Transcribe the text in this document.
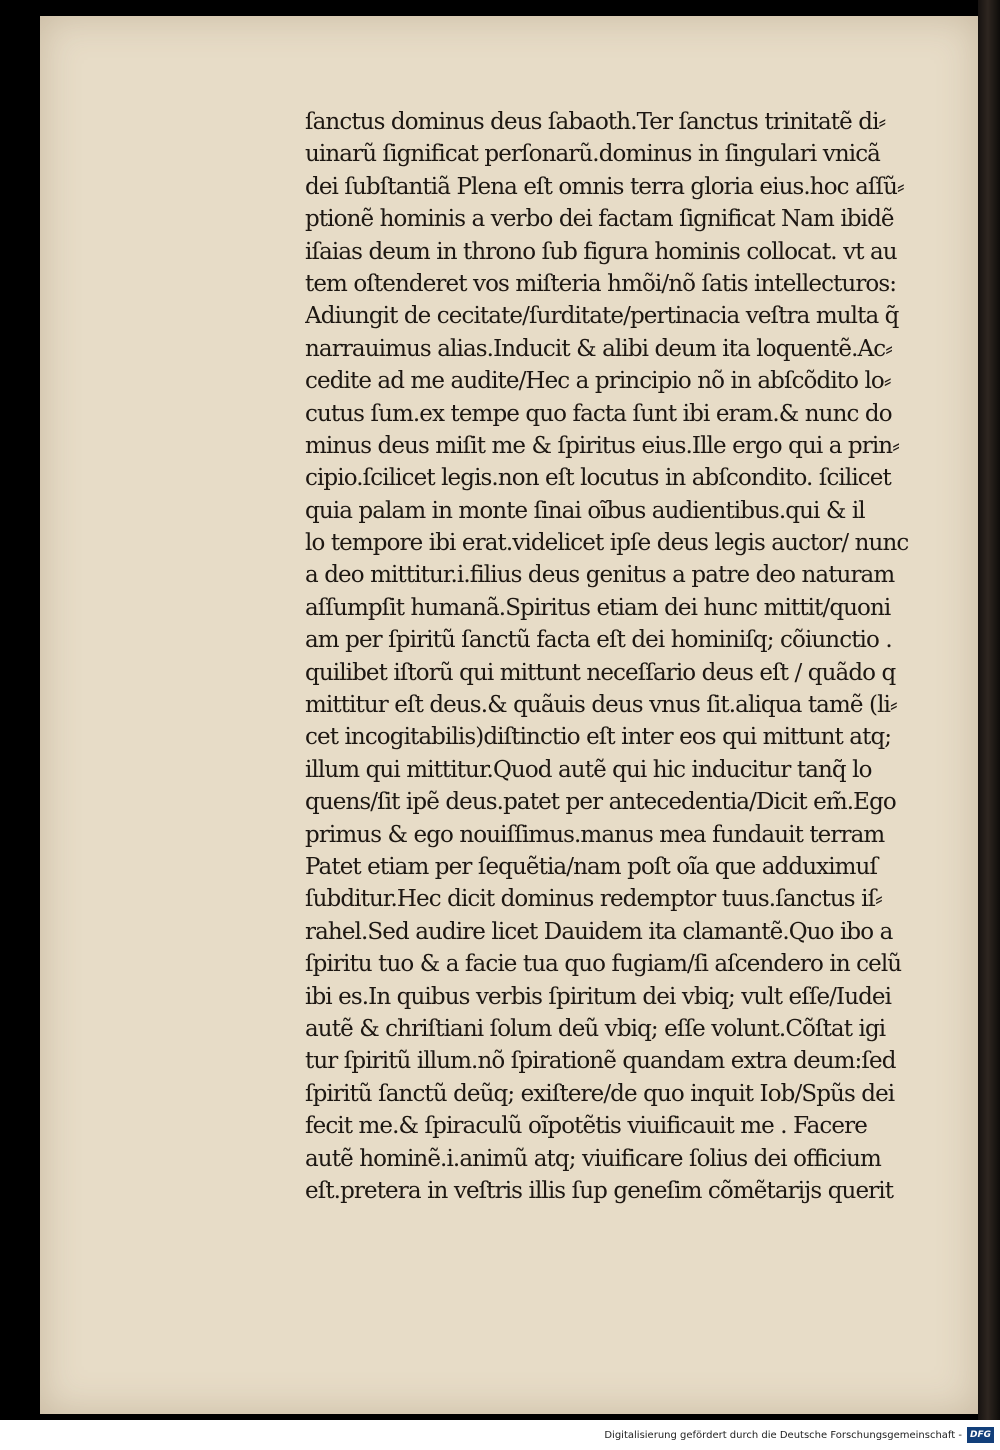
ſanctus dominus deus ſabaoth.Ter ſanctus trinitatẽ di⸗
uinarũ ſignificat perſonarũ.dominus in ſingulari vnicã
dei ſubſtantiã Plena eſt omnis terra gloria eius.hoc aſſũ⸗
ptionẽ hominis a verbo dei factam ſignificat Nam ibidẽ
iſaias deum in throno ſub figura hominis collocat. vt au
tem oſtenderet vos miſteria hmõi/nõ ſatis intellecturos:
Adiungit de cecitate/ſurditate/pertinacia veſtra multa q̃
narrauimus alias.Inducit & alibi deum ita loquentẽ.Ac⸗
cedite ad me audite/Hec a principio nõ in abſcõdito lo⸗
cutus ſum.ex tempe quo facta ſunt ibi eram.& nunc do
minus deus miſit me & ſpiritus eius.Ille ergo qui a prin⸗
cipio.ſcilicet legis.non eſt locutus in abſcondito. ſcilicet
quia palam in monte ſinai oĩbus audientibus.qui & il
lo tempore ibi erat.videlicet ipſe deus legis auctor/ nunc
a deo mittitur.i.filius deus genitus a patre deo naturam
aſſumpſit humanã.Spiritus etiam dei hunc mittit/quoni
am per ſpiritũ ſanctũ facta eſt dei hominiſq; cõiunctio .
quilibet iſtorũ qui mittunt neceſſario deus eſt / quãdo q
mittitur eſt deus.& quãuis deus vnus ſit.aliqua tamẽ (li⸗
cet incogitabilis)diſtinctio eſt inter eos qui mittunt atq;
illum qui mittitur.Quod autẽ qui hic inducitur tanq̃ lo
quens/ſit ipẽ deus.patet per antecedentia/Dicit em̃.Ego
primus & ego nouiſſimus.manus mea fundauit terram
Patet etiam per ſequẽtia/nam poſt oĩa que adduximuſ
ſubditur.Hec dicit dominus redemptor tuus.ſanctus iſ⸗
rahel.Sed audire licet Dauidem ita clamantẽ.Quo ibo a
ſpiritu tuo & a facie tua quo fugiam/ſi aſcendero in celũ
ibi es.In quibus verbis ſpiritum dei vbiq; vult eſſe/Iudei
autẽ & chriſtiani ſolum deũ vbiq; eſſe volunt.Cõſtat igi
tur ſpiritũ illum.nõ ſpirationẽ quandam extra deum:ſed
ſpiritũ ſanctũ deũq; exiſtere/de quo inquit Iob/Spũs dei
fecit me.& ſpiraculũ oĩpotẽtis viuificauit me . Facere
autẽ hominẽ.i.animũ atq; viuificare ſolius dei officium
eſt.pretera in veſtris illis ſup geneſim cõmẽtarijs querit
Digitalisierung gefördert durch die Deutsche Forschungsgemeinschaft - DFG
